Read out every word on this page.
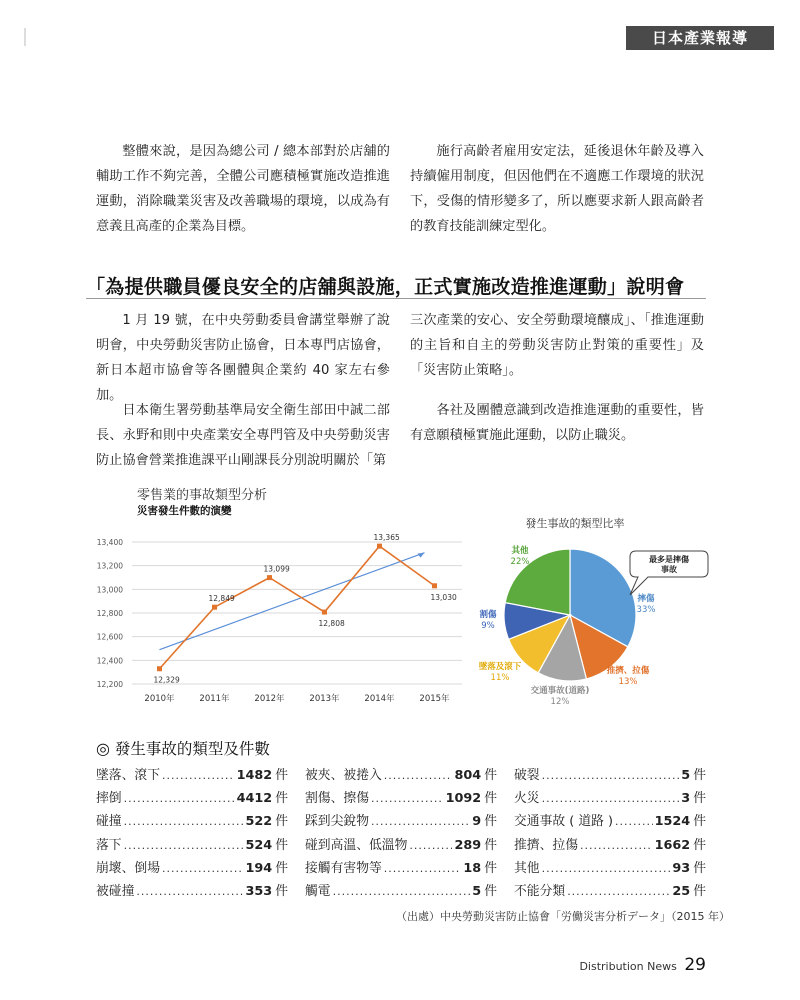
日本產業報導

整體來說，是因為總公司 / 總本部對於店舖的輔助工作不夠完善，全體公司應積極實施改造推進運動，消除職業災害及改善職場的環境，以成為有意義且高產的企業為目標。

施行高齡者雇用安定法，延後退休年齡及導入持續僱用制度，但因他們在不適應工作環境的狀況下，受傷的情形變多了，所以應要求新人跟高齡者的教育技能訓練定型化。

「為提供職員優良安全的店舖與設施，正式實施改造推進運動」說明會

1 月 19 號，在中央勞動委員會講堂舉辦了說明會，中央勞動災害防止協會，日本專門店協會，新日本超市協會等各團體與企業約 40 家左右參加。

日本衛生署勞動基準局安全衛生部田中誠二部長、永野和則中央產業安全專門管及中央勞動災害防止協會營業推進課平山剛課長分別說明關於「第

三次產業的安心、安全勞動環境釀成」、「推進運動的主旨和自主的勞動災害防止對策的重要性」及「災害防止策略」。

各社及團體意識到改造推進運動的重要性，皆有意願積極實施此運動，以防止職災。

零售業的事故類型分析
災害發生件數的演變
12,200
12,400
12,600
12,800
13,000
13,200
13,400
2010年	2011年	2012年	2013年	2014年	2015年
12,329
12,849
13,099
12,808
13,365
13,030
發生事故的類型比率
摔傷
33%
推擠、拉傷
13%
交通事故(道路)
12%
墜落及滾下
11%
割傷
9%
其他
22%	最多是摔傷
事故
◎ 發生事故的類型及件數
墜落、滾下 .....	1482 件
摔倒 .....	4412 件
碰撞 .....	522 件
落下 .....	524 件
崩壞、倒場 .....	194 件
被碰撞 .....	353 件
被夾、被捲入 .....	804 件
割傷、擦傷 .....	1092 件
踩到尖銳物 .....	9 件
碰到高溫、低溫物 .....	289 件
接觸有害物等 .....	18 件
觸電 .....	5 件
破裂 .....	5 件
火災 .....	3 件
交通事故 ( 道路 ) .....	1524 件
推擠、拉傷 .....	1662 件
其他 .....	93 件
不能分類 .....	25 件
（出處）中央勞動災害防止協會「労働災害分析データ」（2015 年）
Distribution News 29
